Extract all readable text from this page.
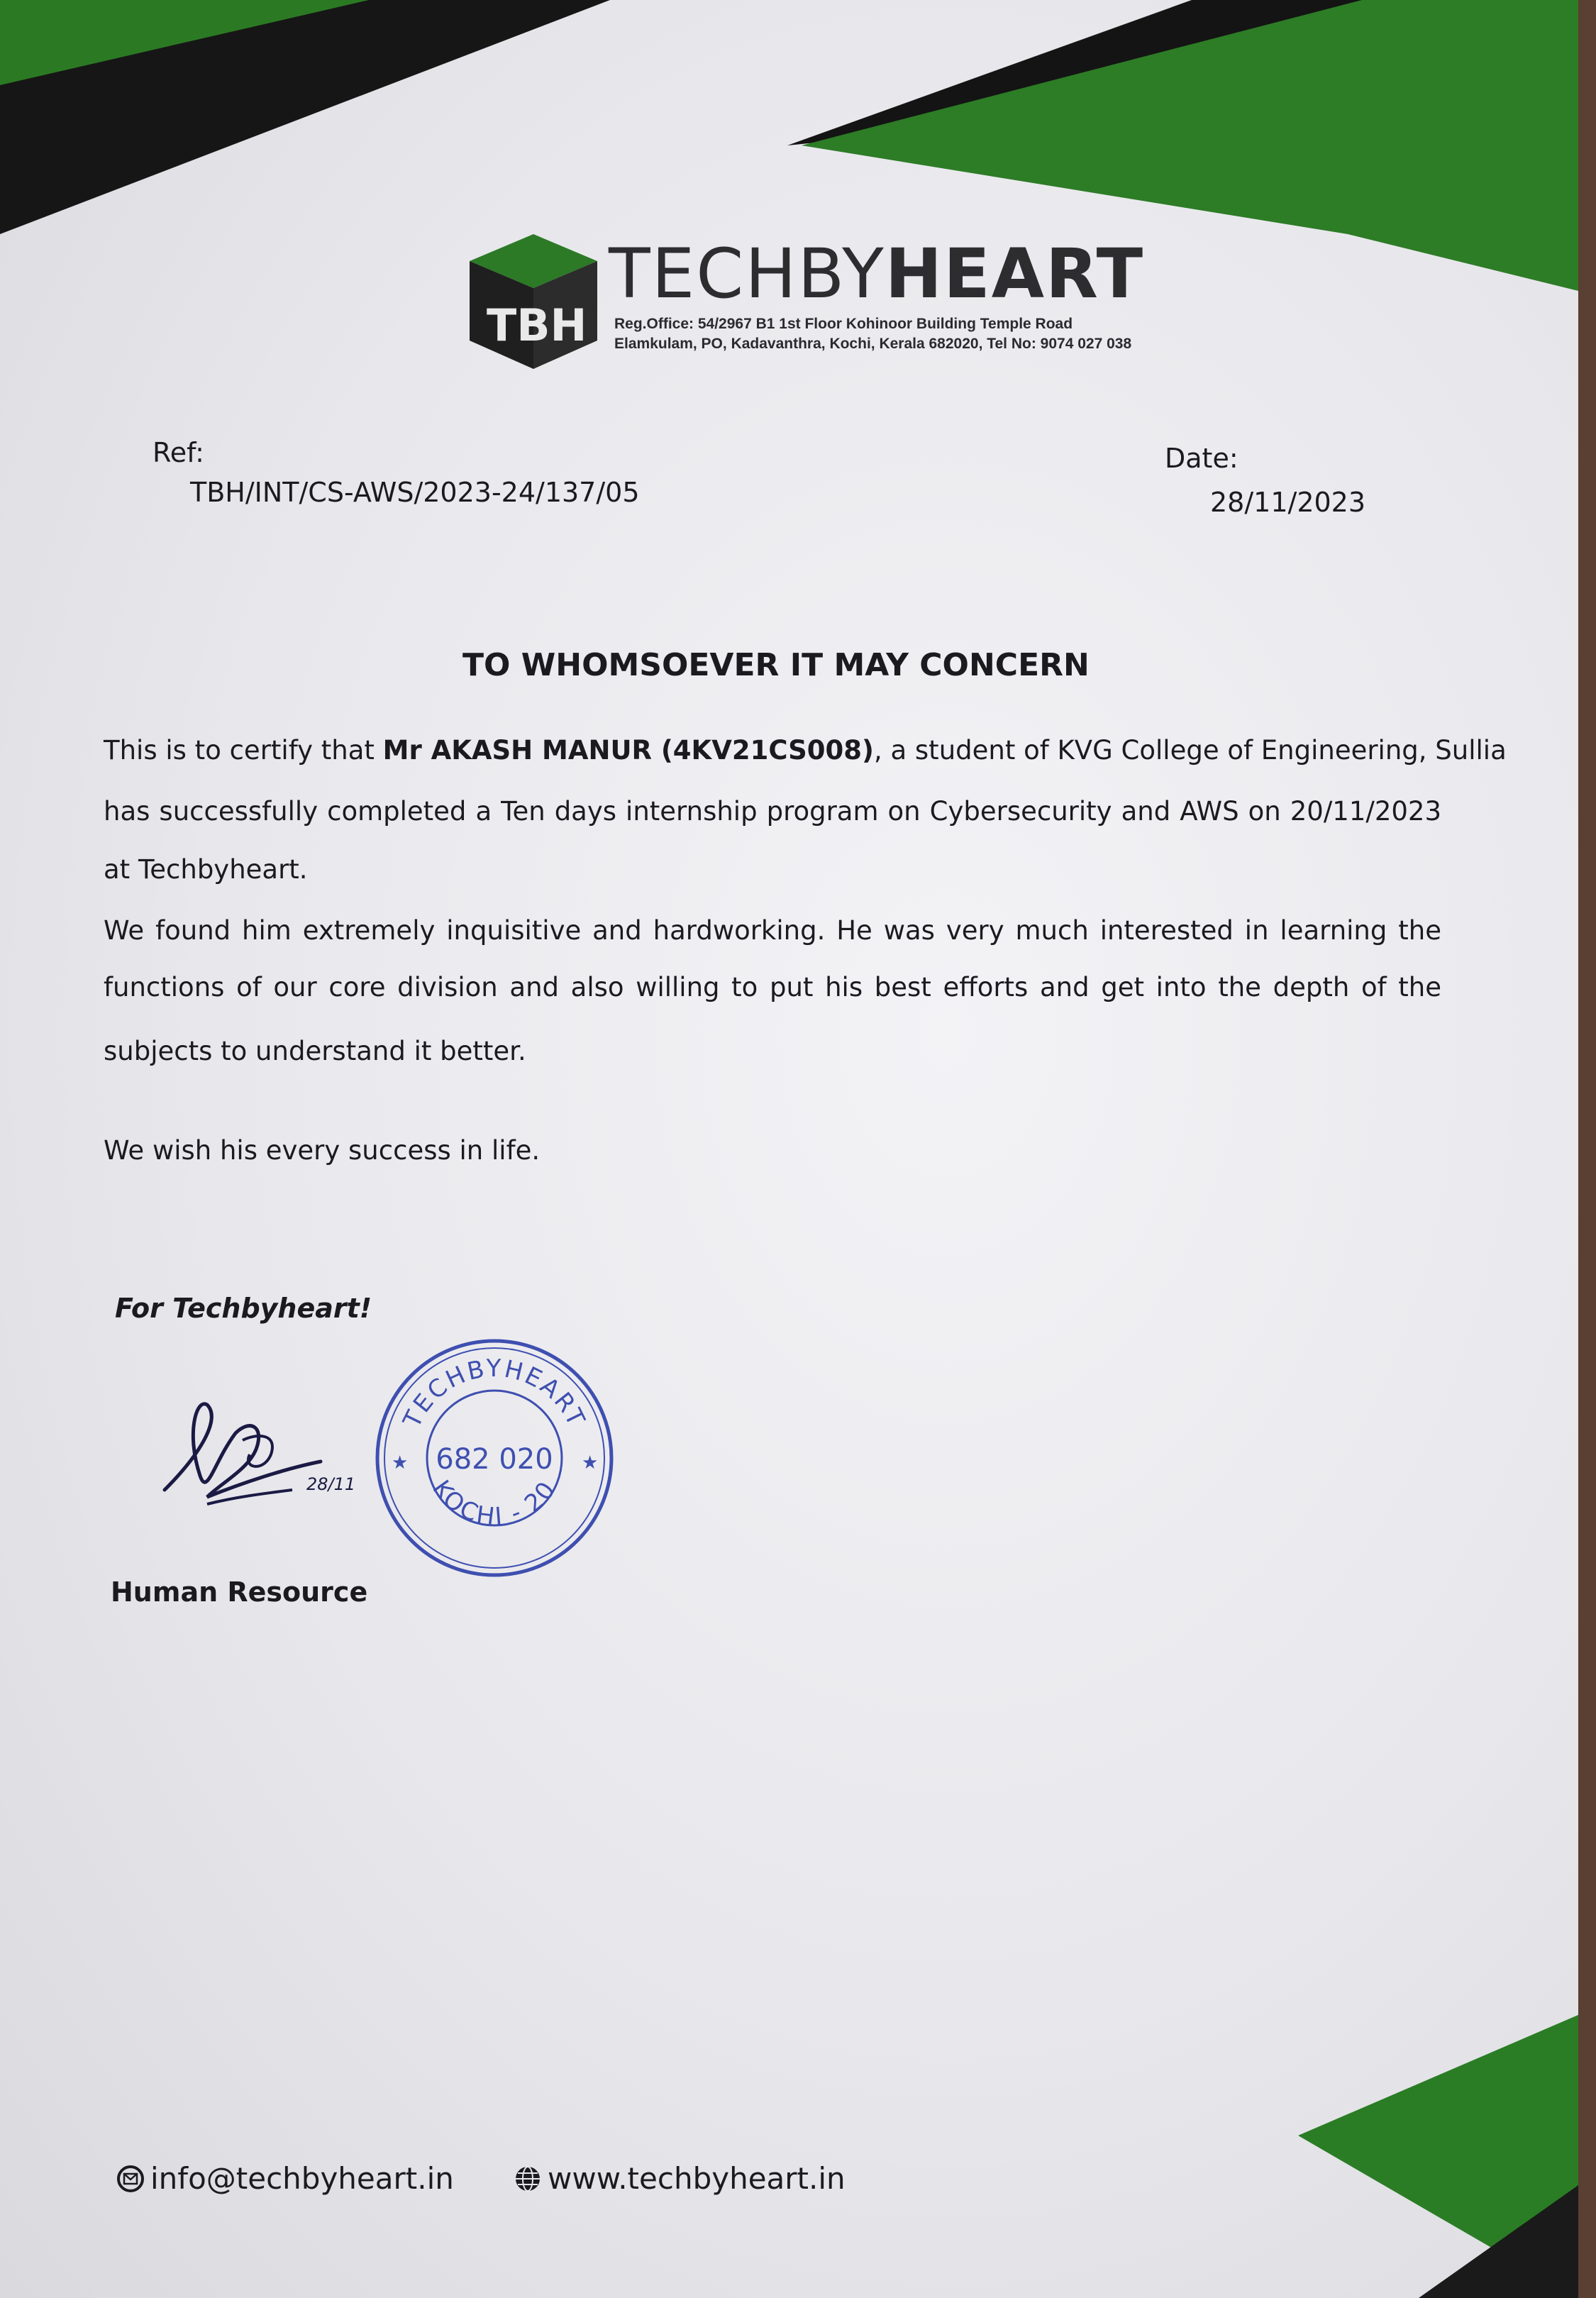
TBH
TECHBYHEART
Reg.Office: 54/2967 B1 1st Floor Kohinoor Building Temple Road
Elamkulam, PO, Kadavanthra, Kochi, Kerala 682020, Tel No: 9074 027 038
Ref:
TBH/INT/CS-AWS/2023-24/137/05
Date:
28/11/2023
TO WHOMSOEVER IT MAY CONCERN
This is to certify that Mr AKASH MANUR (4KV21CS008), a student of KVG College of Engineering, Sullia
has successfully completed a Ten days internship program on Cybersecurity and AWS on 20/11/2023
at Techbyheart.
We found him extremely inquisitive and hardworking. He was very much interested in learning the
functions of our core division and also willing to put his best efforts and get into the depth of the
subjects to understand it better.
We wish his every success in life.
For Techbyheart!
28/11
TECHBYHEART
682 020
KOCHI - 20
★	★
Human Resource
info@techbyheart.in	www.techbyheart.in
